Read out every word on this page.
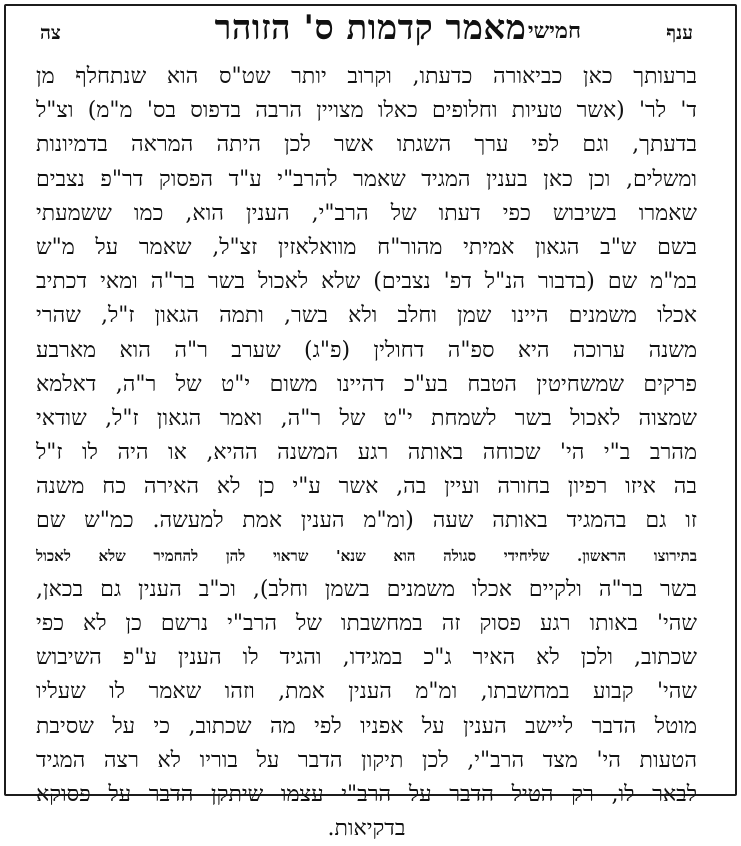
ענף
חמישי
מאמר קדמות ס' הזוהר
צה
ברעותך כאן כביאורה כדעתו, וקרוב יותר שט"ס הוא שנתחלף מן
ד' לר' (אשר טעיות וחלופים כאלו מצויין הרבה בדפוס בס' מ"מ) וצ"ל
בדעתך, וגם לפי ערך השגתו אשר לכן היתה המראה בדמיונות
ומשלים, וכן כאן בענין המגיד שאמר להרב"י ע"ד הפסוק דר"פ נצבים
שאמרו בשיבוש כפי דעתו של הרב"י, הענין הוא, כמו ששמעתי
בשם ש"ב הגאון אמיתי מהור"ח מוואלאזין זצ"ל, שאמר על מ"ש
במ"מ שם (בדבור הנ"ל דפ' נצבים) שלא לאכול בשר בר"ה ומאי דכתיב
אכלו משמנים היינו שמן וחלב ולא בשר, ותמה הגאון ז"ל, שהרי
משנה ערוכה היא ספ"ה דחולין (פ"ג) שערב ר"ה הוא מארבע
פרקים שמשחיטין הטבח בע"כ דהיינו משום י"ט של ר"ה, דאלמא
שמצוה לאכול בשר לשמחת י"ט של ר"ה, ואמר הגאון ז"ל, שודאי
מהרב ב"י הי' שכוחה באותה רגע המשנה ההיא, או היה לו ז"ל
בה איזו רפיון בחורה ועיין בה, אשר ע"י כן לא האירה כח משנה
זו גם בהמגיד באותה שעה (ומ"מ הענין אמת למעשה. כמ"ש שם
בתירוצו הראשון. שליחידי סגולה הוא שנא' שראוי להן להחמיר שלא לאכול
בשר בר"ה ולקיים אכלו משמנים בשמן וחלב), וכ"ב הענין גם בכאן,
שהי' באותו רגע פסוק זה במחשבתו של הרב"י נרשם כן לא כפי
שכתוב, ולכן לא האיר ג"כ במגידו, והגיד לו הענין ע"פ השיבוש
שהי' קבוע במחשבתו, ומ"מ הענין אמת, וזהו שאמר לו שעליו
מוטל הדבר ליישב הענין על אפניו לפי מה שכתוב, כי על שסיבת
הטעות הי' מצד הרב"י, לכן תיקון הדבר על בוריו לא רצה המגיד
לבאר לו, רק הטיל הדבר על הרב"י עצמו שיתקן הדבר על פסוקא
בדקיאות.
